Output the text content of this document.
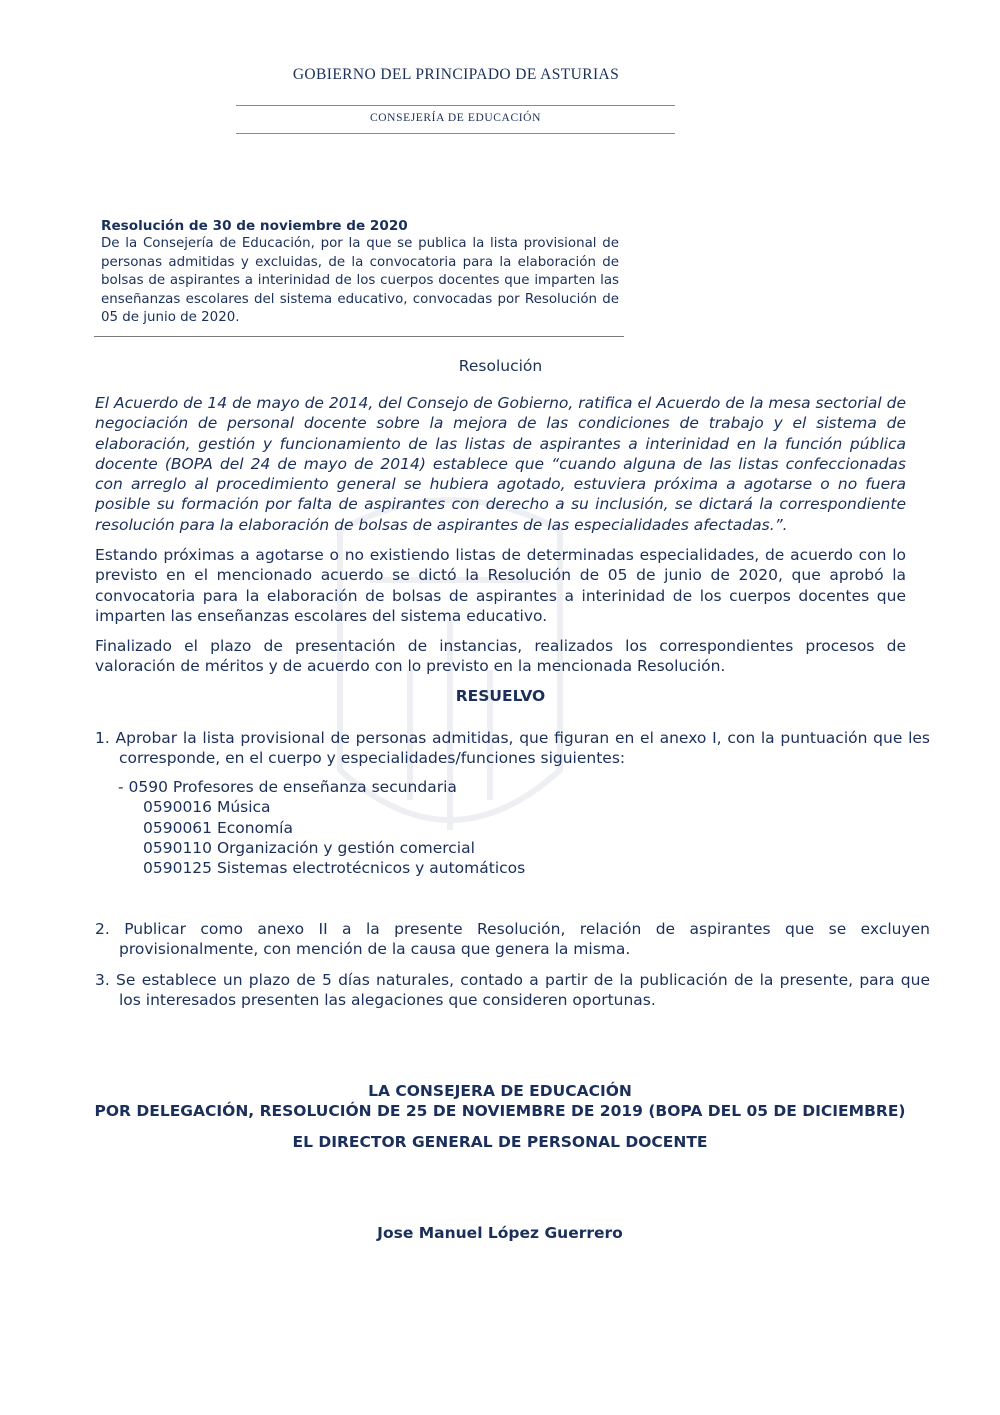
GOBIERNO DEL PRINCIPADO DE ASTURIAS
CONSEJERÍA DE EDUCACIÓN
Resolución de 30 de noviembre de 2020
De la Consejería de Educación, por la que se publica la lista provisional de personas admitidas y excluidas, de la convocatoria para la elaboración de bolsas de aspirantes a interinidad de los cuerpos docentes que imparten las enseñanzas escolares del sistema educativo, convocadas por Resolución de 05 de junio de 2020.
Resolución
El Acuerdo de 14 de mayo de 2014, del Consejo de Gobierno, ratifica el Acuerdo de la mesa sectorial de negociación de personal docente sobre la mejora de las condiciones de trabajo y el sistema de elaboración, gestión y funcionamiento de las listas de aspirantes a interinidad en la función pública docente (BOPA del 24 de mayo de 2014) establece que “cuando alguna de las listas confeccionadas con arreglo al procedimiento general se hubiera agotado, estuviera próxima a agotarse o no fuera posible su formación por falta de aspirantes con derecho a su inclusión, se dictará la correspondiente resolución para la elaboración de bolsas de aspirantes de las especialidades afectadas.”.
Estando próximas a agotarse o no existiendo listas de determinadas especialidades, de acuerdo con lo previsto en el mencionado acuerdo se dictó la Resolución de 05 de junio de 2020, que aprobó la convocatoria para la elaboración de bolsas de aspirantes a interinidad de los cuerpos docentes que imparten las enseñanzas escolares del sistema educativo.
Finalizado el plazo de presentación de instancias, realizados los correspondientes procesos de valoración de méritos y de acuerdo con lo previsto en la mencionada Resolución.
RESUELVO
1. Aprobar la lista provisional de personas admitidas, que figuran en el anexo I, con la puntuación que les corresponde, en el cuerpo y especialidades/funciones siguientes:
- 0590 Profesores de enseñanza secundaria
0590016 Música
0590061 Economía
0590110 Organización y gestión comercial
0590125 Sistemas electrotécnicos y automáticos
2. Publicar como anexo II a la presente Resolución, relación de aspirantes que se excluyen provisionalmente, con mención de la causa que genera la misma.
3. Se establece un plazo de 5 días naturales, contado a partir de la publicación de la presente, para que los interesados presenten las alegaciones que consideren oportunas.
LA CONSEJERA DE EDUCACIÓN
POR DELEGACIÓN, RESOLUCIÓN DE 25 DE NOVIEMBRE DE 2019 (BOPA DEL 05 DE DICIEMBRE)
EL DIRECTOR GENERAL DE PERSONAL DOCENTE
Jose Manuel López Guerrero
